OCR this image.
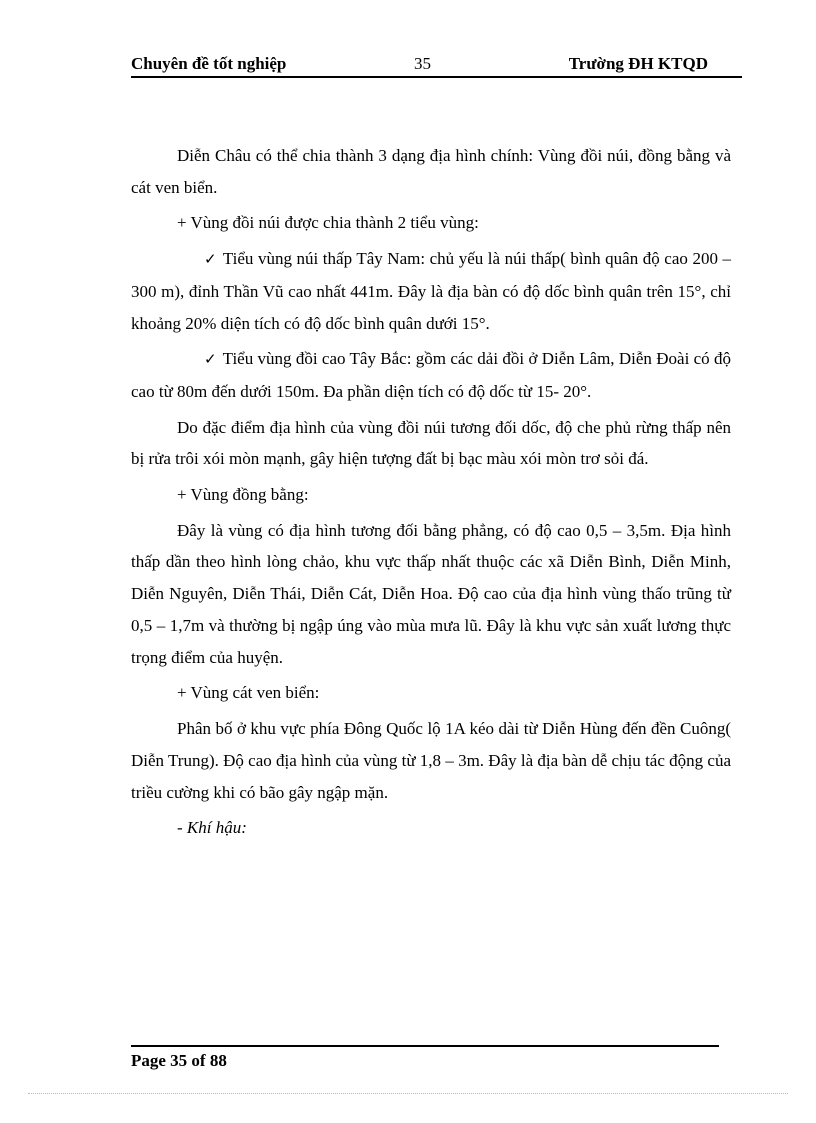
Chuyên đề tốt nghiệp	35	Trường ĐH KTQD

Diễn Châu có thể chia thành 3 dạng địa hình chính: Vùng đồi núi, đồng bằng và cát ven biển.

+ Vùng đồi núi được chia thành 2 tiểu vùng:

✓ Tiểu vùng núi thấp Tây Nam: chủ yếu là núi thấp( bình quân độ cao 200 – 300 m), đỉnh Thần Vũ cao nhất 441m. Đây là địa bàn có độ dốc bình quân trên 15°, chỉ khoảng 20% diện tích có độ dốc bình quân dưới 15°.

✓ Tiểu vùng đồi cao Tây Bắc: gồm các dải đồi ở Diễn Lâm, Diễn Đoài có độ cao từ 80m đến dưới 150m. Đa phần diện tích có độ dốc từ 15- 20°.

Do đặc điểm địa hình của vùng đồi núi tương đối dốc, độ che phủ rừng thấp nên bị rửa trôi xói mòn mạnh, gây hiện tượng đất bị bạc màu xói mòn trơ sỏi đá.

+ Vùng đồng bằng:

Đây là vùng có địa hình tương đối bằng phẳng, có độ cao 0,5 – 3,5m. Địa hình thấp dần theo hình lòng chảo, khu vực thấp nhất thuộc các xã Diễn Bình, Diễn Minh, Diễn Nguyên, Diễn Thái, Diễn Cát, Diễn Hoa. Độ cao của địa hình vùng thấo trũng từ 0,5 – 1,7m và thường bị ngập úng vào mùa mưa lũ. Đây là khu vực sản xuất lương thực trọng điểm của huyện.

+ Vùng cát ven biển:

Phân bố ở khu vực phía Đông Quốc lộ 1A kéo dài từ Diễn Hùng đến đền Cuông( Diễn Trung). Độ cao địa hình của vùng từ 1,8 – 3m. Đây là địa bàn dễ chịu tác động của triều cường khi có bão gây ngập mặn.

- Khí hậu:

Page 35 of 88
